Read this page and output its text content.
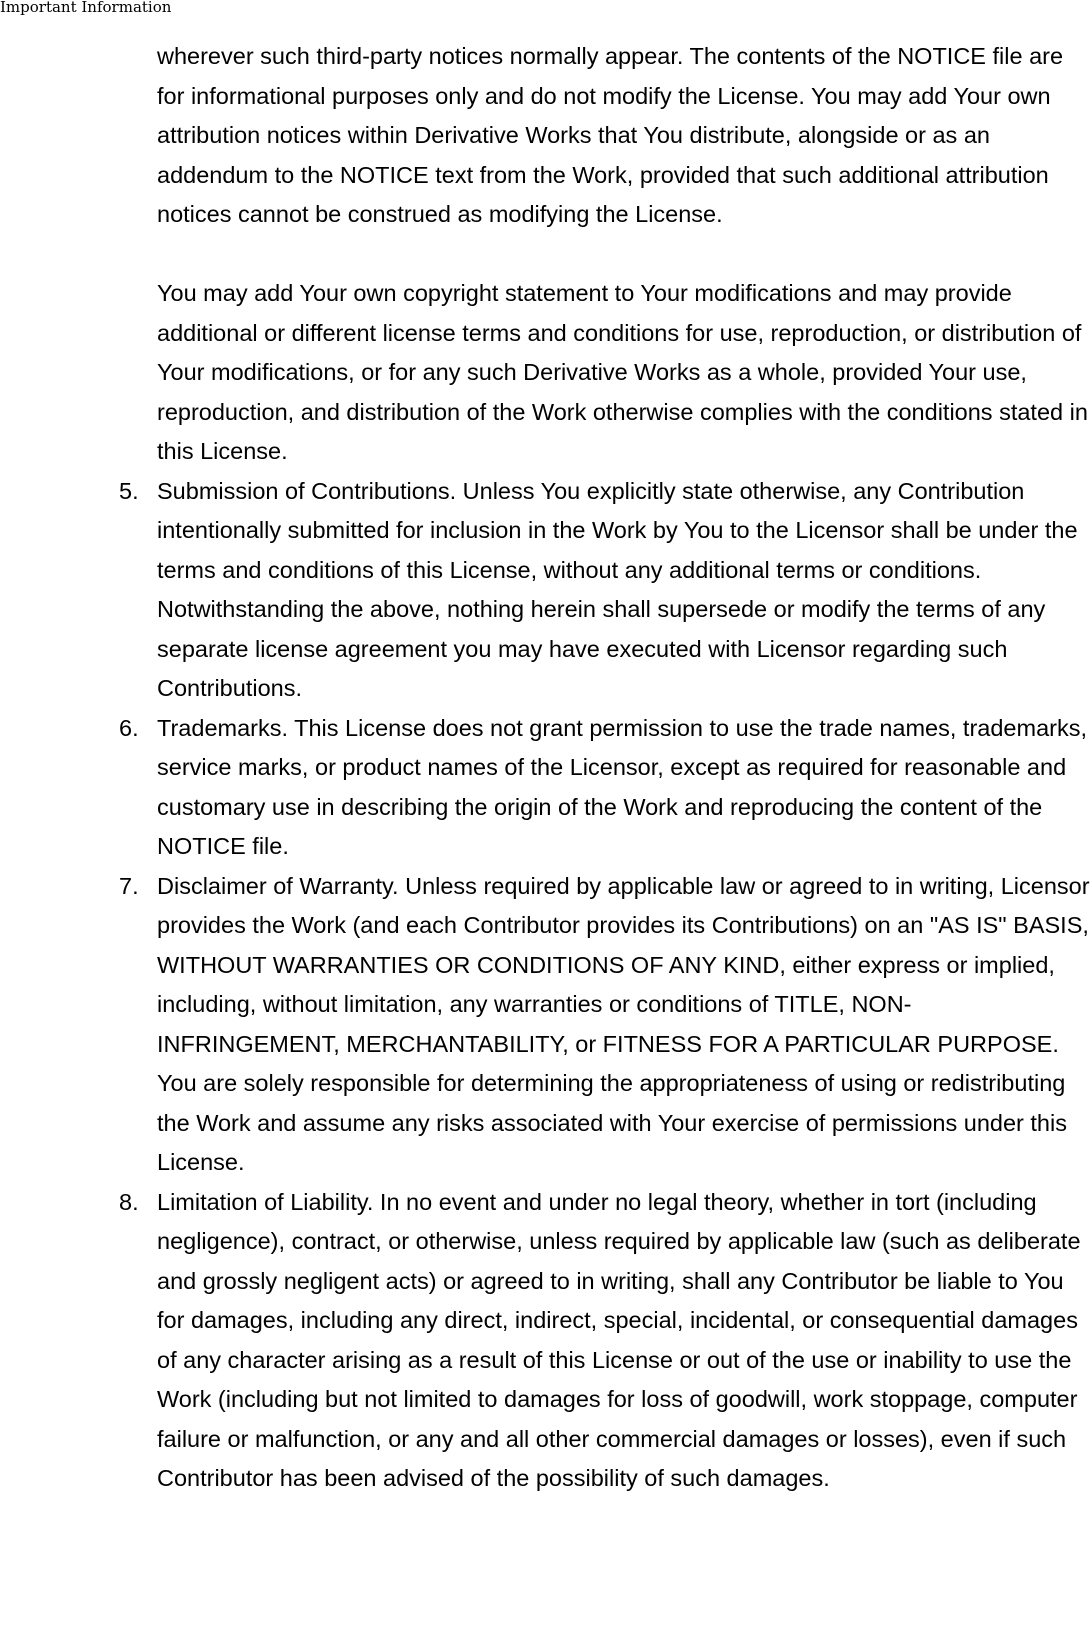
Important Information
wherever such third-party notices normally appear. The contents of the NOTICE file are for informational purposes only and do not modify the License. You may add Your own attribution notices within Derivative Works that You distribute, alongside or as an addendum to the NOTICE text from the Work, provided that such additional attribution notices cannot be construed as modifying the License.
You may add Your own copyright statement to Your modifications and may provide additional or different license terms and conditions for use, reproduction, or distribution of Your modifications, or for any such Derivative Works as a whole, provided Your use, reproduction, and distribution of the Work otherwise complies with the conditions stated in this License.
5. Submission of Contributions. Unless You explicitly state otherwise, any Contribution intentionally submitted for inclusion in the Work by You to the Licensor shall be under the terms and conditions of this License, without any additional terms or conditions.
Notwithstanding the above, nothing herein shall supersede or modify the terms of any separate license agreement you may have executed with Licensor regarding such Contributions.
6. Trademarks. This License does not grant permission to use the trade names, trademarks, service marks, or product names of the Licensor, except as required for reasonable and customary use in describing the origin of the Work and reproducing the content of the NOTICE file.
7. Disclaimer of Warranty. Unless required by applicable law or agreed to in writing, Licensor provides the Work (and each Contributor provides its Contributions) on an "AS IS" BASIS, WITHOUT WARRANTIES OR CONDITIONS OF ANY KIND, either express or implied, including, without limitation, any warranties or conditions of TITLE, NON-INFRINGEMENT, MERCHANTABILITY, or FITNESS FOR A PARTICULAR PURPOSE. You are solely responsible for determining the appropriateness of using or redistributing the Work and assume any risks associated with Your exercise of permissions under this License.
8. Limitation of Liability. In no event and under no legal theory, whether in tort (including negligence), contract, or otherwise, unless required by applicable law (such as deliberate and grossly negligent acts) or agreed to in writing, shall any Contributor be liable to You for damages, including any direct, indirect, special, incidental, or consequential damages of any character arising as a result of this License or out of the use or inability to use the Work (including but not limited to damages for loss of goodwill, work stoppage, computer failure or malfunction, or any and all other commercial damages or losses), even if such Contributor has been advised of the possibility of such damages.
